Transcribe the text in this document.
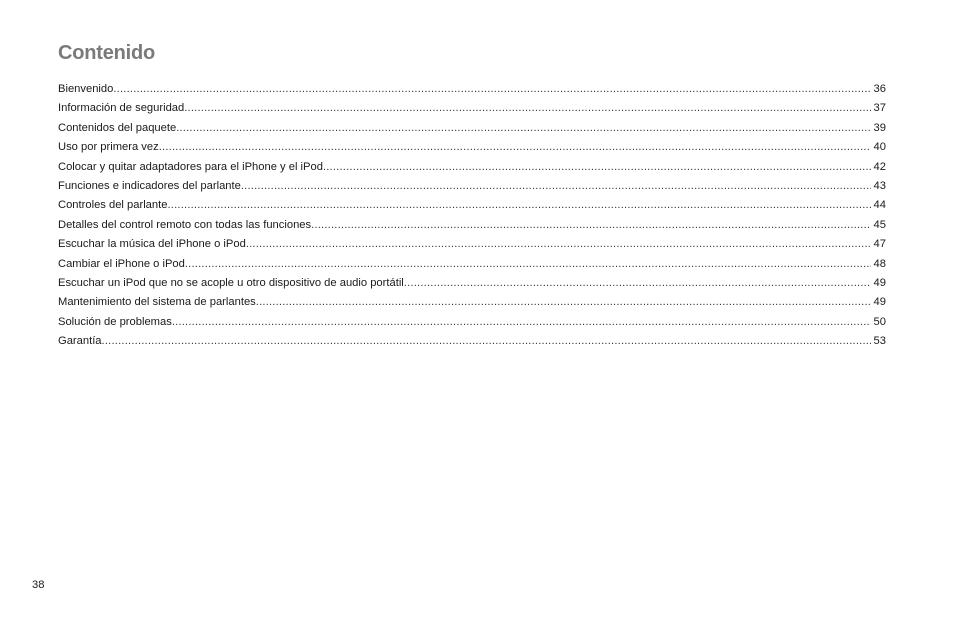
Contenido
Bienvenido .....	36
Información de seguridad .....	37
Contenidos del paquete .....	39
Uso por primera vez .....	40
Colocar y quitar adaptadores para el iPhone y el iPod .....	42
Funciones e indicadores del parlante .....	43
Controles del parlante .....	44
Detalles del control remoto con todas las funciones .....	45
Escuchar la música del iPhone o iPod .....	47
Cambiar el iPhone o iPod .....	48
Escuchar un iPod que no se acople u otro dispositivo de audio portátil .....	49
Mantenimiento del sistema de parlantes .....	49
Solución de problemas .....	50
Garantía .....	53
38
